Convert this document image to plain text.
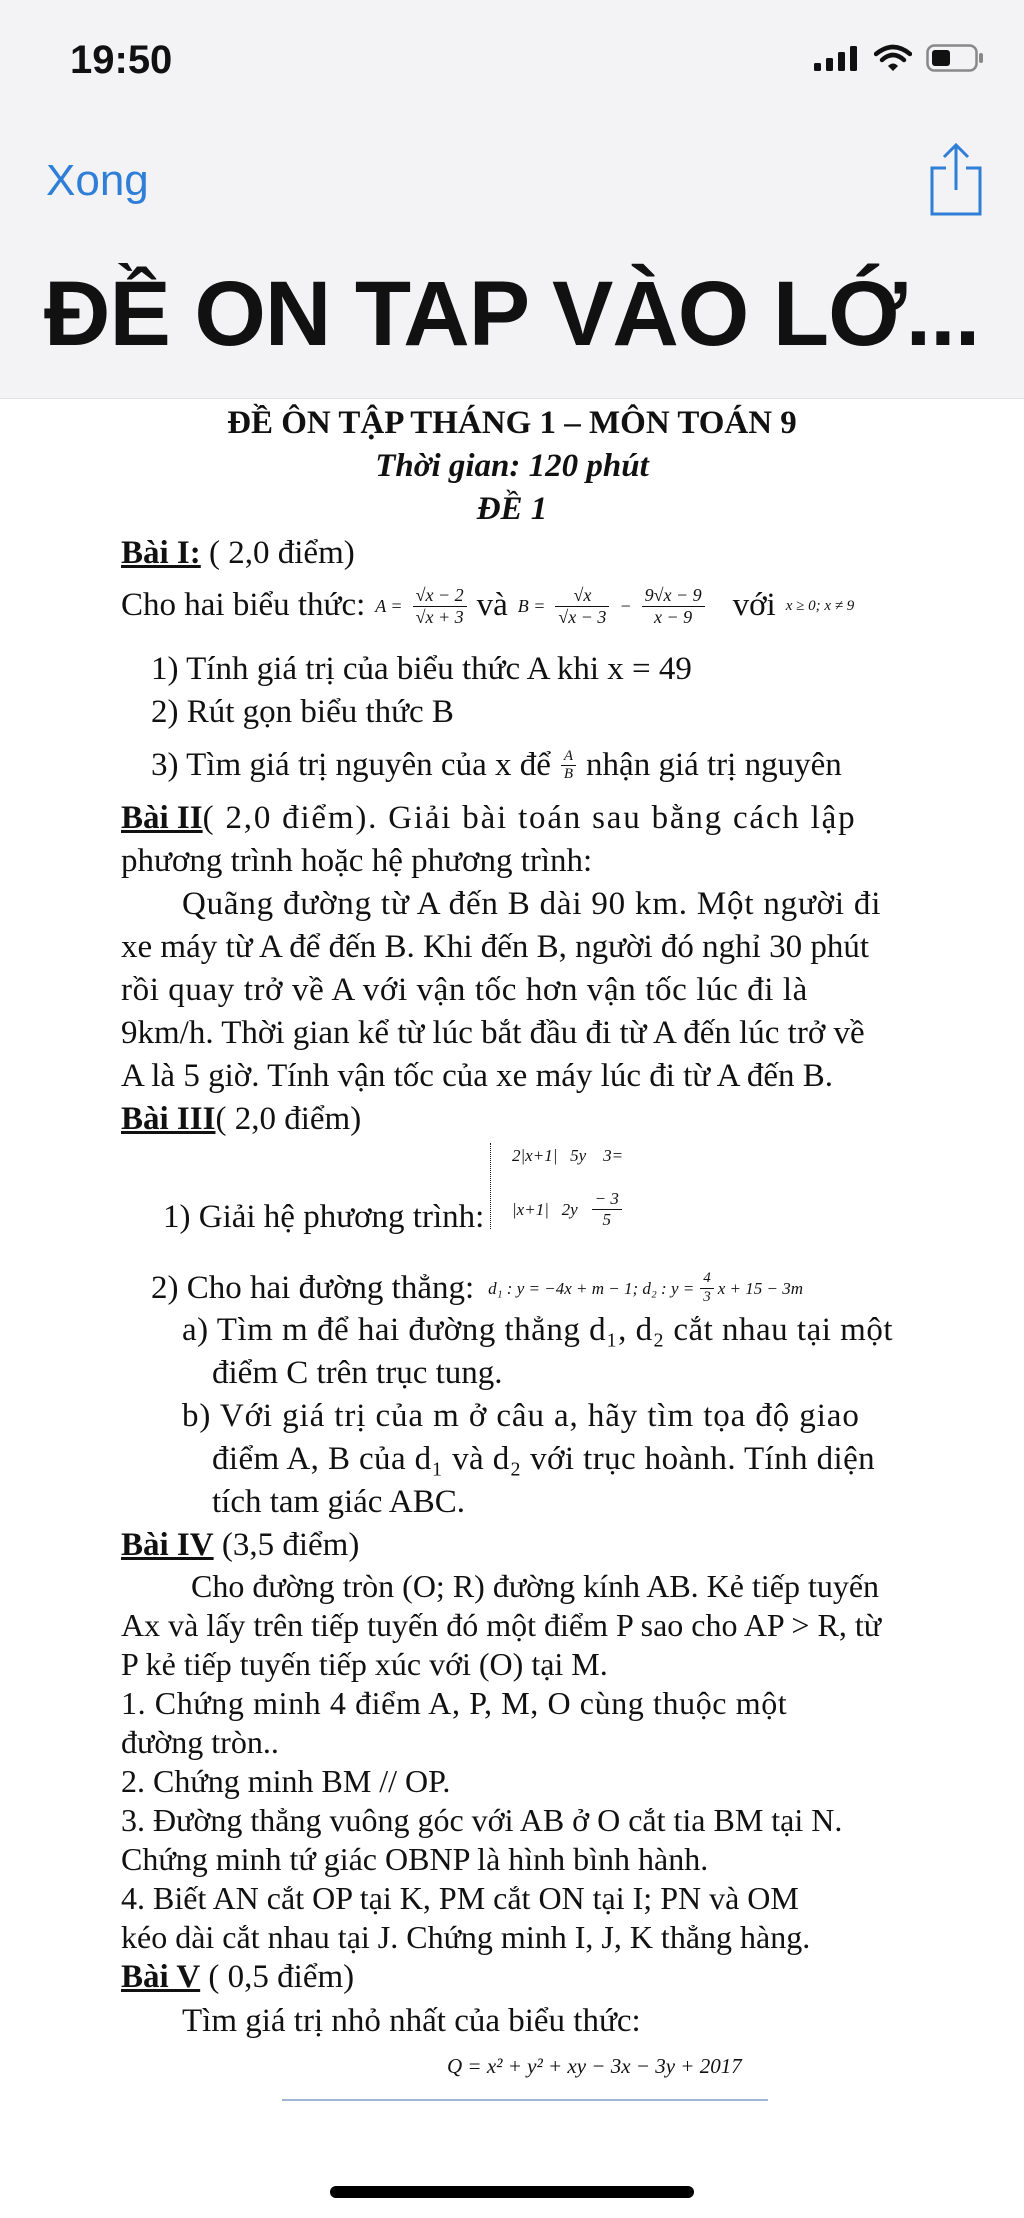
19:50
Xong
ĐỀ ON TAP VÀO LỚ...
ĐỀ ÔN TẬP THÁNG 1 – MÔN TOÁN 9
Thời gian: 120 phút
ĐỀ 1
Bài I: ( 2,0 điểm)
Cho hai biểu thức: $A = \frac{√x - 2}{√x + 3}$ và $B = \frac{√x}{√x - 3} - \frac{9√x - 9}{x - 9}$ với x ≥ 0; x ≠ 9
1) Tính giá trị của biểu thức A khi x = 49
2) Rút gọn biểu thức B
3) Tìm giá trị nguyên của x để $\frac{A}{B}$ nhận giá trị nguyên
Bài II( 2,0 điểm). Giải bài toán sau bằng cách lập
phương trình hoặc hệ phương trình:
Quãng đường từ A đến B dài 90 km. Một người đi
xe máy từ A để đến B. Khi đến B, người đó nghỉ 30 phút
rồi quay trở về A với vận tốc hơn vận tốc lúc đi là
9km/h. Thời gian kể từ lúc bắt đầu đi từ A đến lúc trở về
A là 5 giờ. Tính vận tốc của xe máy lúc đi từ A đến B.
Bài III( 2,0 điểm)
1) Giải hệ phương trình:
2|x+1|   5y    3=
|x+1|   $2y \frac{- 3}{5}$
2) Cho hai đường thẳng: d₁ : y = −4x + m − 1; d₂ : $y = \frac{4}{3}$ x + 15 − 3m
a) Tìm m để hai đường thẳng d₁, d₂ cắt nhau tại một
điểm C trên trục tung.
b) Với giá trị của m ở câu a, hãy tìm tọa độ giao
điểm A, B của d₁ và d₂ với trục hoành. Tính diện
tích tam giác ABC.
Bài IV (3,5 điểm)
Cho đường tròn (O; R) đường kính AB. Kẻ tiếp tuyến
Ax và lấy trên tiếp tuyến đó một điểm P sao cho AP > R, từ
P kẻ tiếp tuyến tiếp xúc với (O) tại M.
1. Chứng minh 4 điểm A, P, M, O cùng thuộc một
đường tròn..
2. Chứng minh BM // OP.
3. Đường thẳng vuông góc với AB ở O cắt tia BM tại N.
Chứng minh tứ giác OBNP là hình bình hành.
4. Biết AN cắt OP tại K, PM cắt ON tại I; PN và OM
kéo dài cắt nhau tại J. Chứng minh I, J, K thẳng hàng.
Bài V ( 0,5 điểm)
Tìm giá trị nhỏ nhất của biểu thức:
Q = x² + y² + xy − 3x − 3y + 2017
